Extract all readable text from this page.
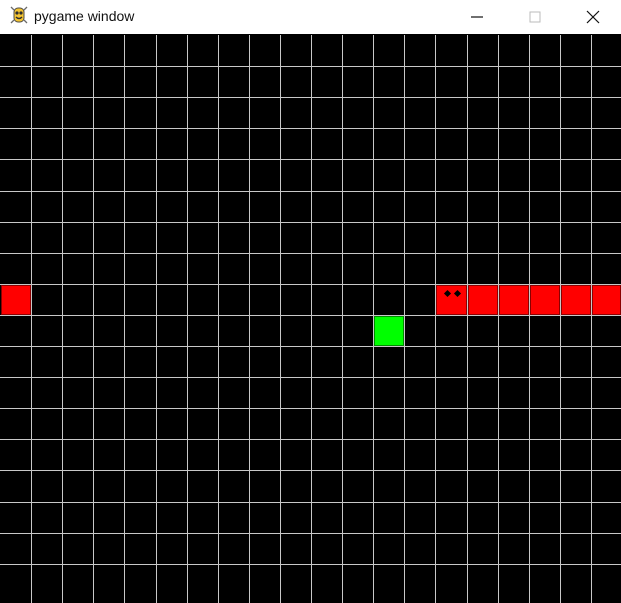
pygame window
